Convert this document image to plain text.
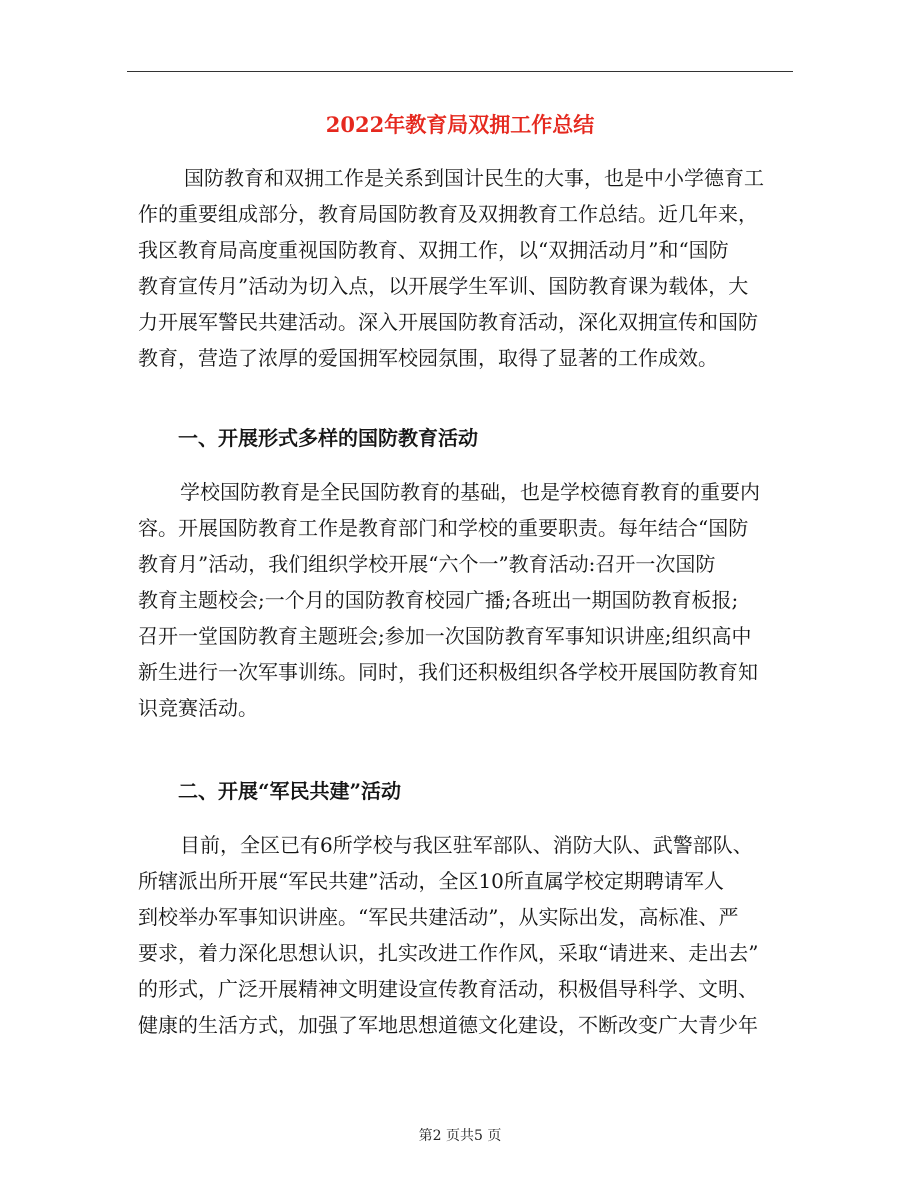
2022年教育局双拥工作总结
国防教育和双拥工作是关系到国计民生的大事，也是中小学德育工
作的重要组成部分，教育局国防教育及双拥教育工作总结。近几年来，
我区教育局高度重视国防教育、双拥工作，以“双拥活动月”和“国防
教育宣传月”活动为切入点，以开展学生军训、国防教育课为载体，大
力开展军警民共建活动。深入开展国防教育活动，深化双拥宣传和国防
教育，营造了浓厚的爱国拥军校园氛围，取得了显著的工作成效。
一、开展形式多样的国防教育活动
学校国防教育是全民国防教育的基础，也是学校德育教育的重要内
容。开展国防教育工作是教育部门和学校的重要职责。每年结合“国防
教育月”活动，我们组织学校开展“六个一”教育活动:召开一次国防
教育主题校会;一个月的国防教育校园广播;各班出一期国防教育板报;
召开一堂国防教育主题班会;参加一次国防教育军事知识讲座;组织高中
新生进行一次军事训练。同时，我们还积极组织各学校开展国防教育知
识竞赛活动。
二、开展“军民共建”活动
目前，全区已有6所学校与我区驻军部队、消防大队、武警部队、
所辖派出所开展“军民共建”活动，全区10所直属学校定期聘请军人
到校举办军事知识讲座。“军民共建活动”，从实际出发，高标准、严
要求，着力深化思想认识，扎实改进工作作风，采取“请进来、走出去”
的形式，广泛开展精神文明建设宣传教育活动，积极倡导科学、文明、
健康的生活方式，加强了军地思想道德文化建设，不断改变广大青少年
第2 页共5 页
